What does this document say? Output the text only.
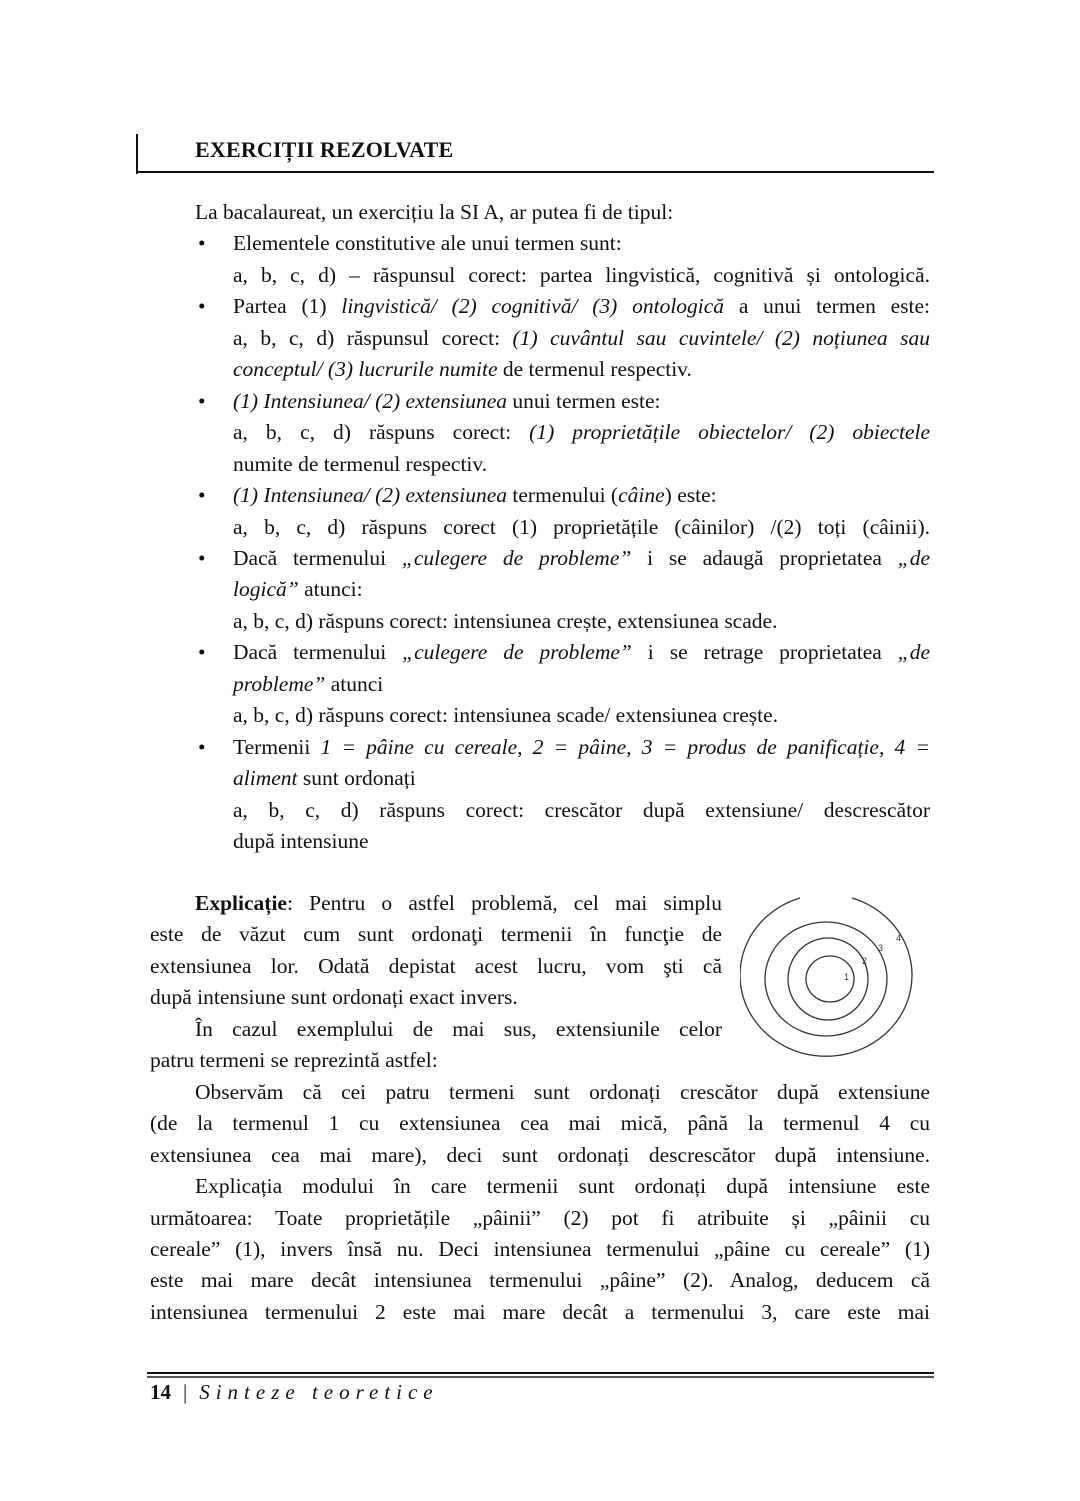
EXERCIȚII REZOLVATE
La bacalaureat, un exercițiu la SI A, ar putea fi de tipul:
• Elementele constitutive ale unui termen sunt:
a, b, c, d) – răspunsul corect: partea lingvistică, cognitivă și ontologică.
• Partea (1) lingvistică/ (2) cognitivă/ (3) ontologică a unui termen este:
a, b, c, d) răspunsul corect: (1) cuvântul sau cuvintele/ (2) noțiunea sau
conceptul/ (3) lucrurile numite de termenul respectiv.
• (1) Intensiunea/ (2) extensiunea unui termen este:
a, b, c, d) răspuns corect: (1) proprietățile obiectelor/ (2) obiectele
numite de termenul respectiv.
• (1) Intensiunea/ (2) extensiunea termenului (câine) este:
a, b, c, d) răspuns corect (1) proprietățile (câinilor) /(2) toți (câinii).
• Dacă termenului „culegere de probleme” i se adaugă proprietatea „de
logică” atunci:
a, b, c, d) răspuns corect: intensiunea crește, extensiunea scade.
• Dacă termenului „culegere de probleme” i se retrage proprietatea „de
probleme” atunci
a, b, c, d) răspuns corect: intensiunea scade/ extensiunea crește.
• Termenii 1 = pâine cu cereale, 2 = pâine, 3 = produs de panificație, 4 =
aliment sunt ordonați
a, b, c, d) răspuns corect: crescător după extensiune/ descrescător
după intensiune
Explicație: Pentru o astfel problemă, cel mai simplu
este de văzut cum sunt ordonaţi termenii în funcţie de
extensiunea lor. Odată depistat acest lucru, vom şti că
după intensiune sunt ordonați exact invers.
În cazul exemplului de mai sus, extensiunile celor
patru termeni se reprezintă astfel:
Observăm că cei patru termeni sunt ordonați crescător după extensiune
(de la termenul 1 cu extensiunea cea mai mică, până la termenul 4 cu
extensiunea cea mai mare), deci sunt ordonați descrescător după intensiune.
Explicația modului în care termenii sunt ordonați după intensiune este
următoarea: Toate proprietățile „pâinii” (2) pot fi atribuite și „pâinii cu
cereale” (1), invers însă nu. Deci intensiunea termenului „pâine cu cereale” (1)
este mai mare decât intensiunea termenului „pâine” (2). Analog, deducem că
intensiunea termenului 2 este mai mare decât a termenului 3, care este mai
1
2
3
4
14 | Sinteze teoretice
